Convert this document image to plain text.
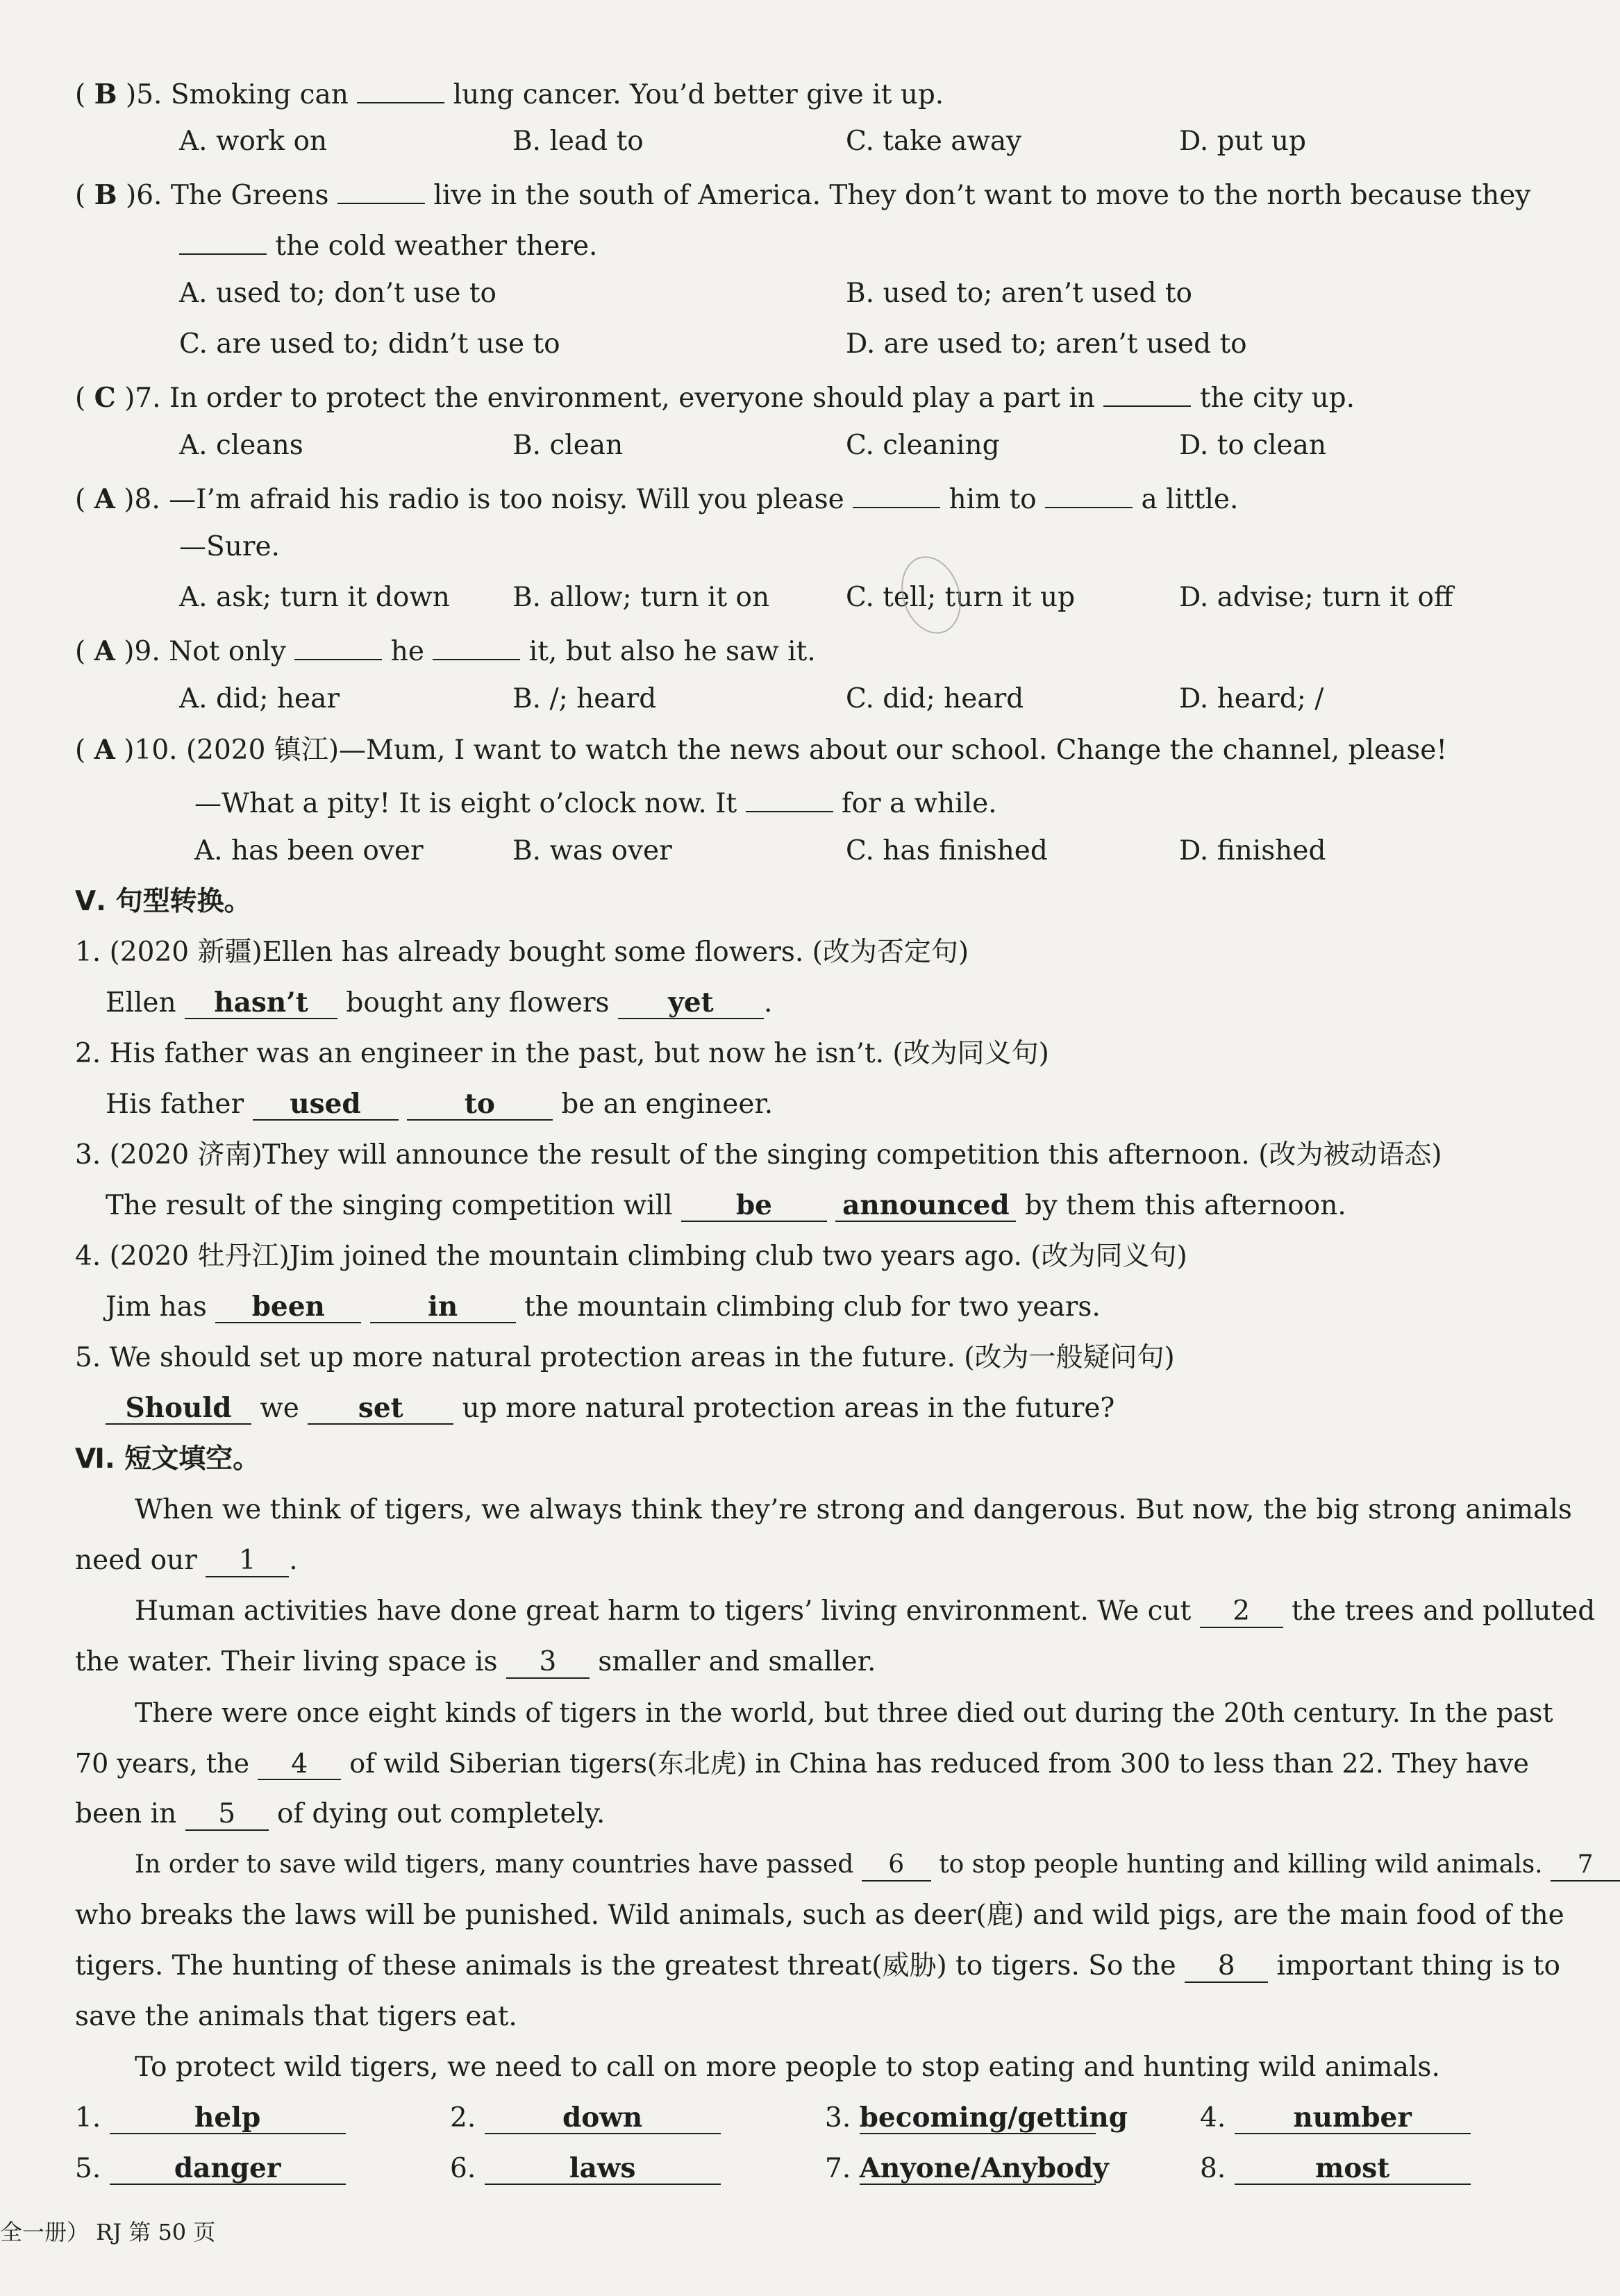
( B )5. Smoking can	lung cancer. You’d better give it up.
A. work on	B. lead to	C. take away	D. put up
( B )6. The Greens	live in the south of America. They don’t want to move to the north because they
the cold weather there.
A. used to; don’t use to	B. used to; aren’t used to
C. are used to; didn’t use to	D. are used to; aren’t used to
( C )7. In order to protect the environment, everyone should play a part in	the city up.
A. cleans	B. clean	C. cleaning	D. to clean
( A )8. —I’m afraid his radio is too noisy. Will you please	him to	a little.
—Sure.
A. ask; turn it down B. allow; turn it on	C. tell; turn it up	D. advise; turn it off
( A )9. Not only	he	it, but also he saw it.
A. did; hear	B. /; heard	C. did; heard	D. heard; /
( A )10. (2020 镇江)—Mum, I want to watch the news about our school. Change the channel, please!
—What a pity! It is eight o’clock now. It	for a while.
A. has been over	B. was over	C. has finished	D. finished
Ⅴ. 句型转换。
1. (2020 新疆)Ellen has already bought some flowers. (改为否定句)
Ellen hasn’t bought any flowers yet .
2. His father was an engineer in the past, but now he isn’t. (改为同义句)
His father used	to be an engineer.
3. (2020 济南)They will announce the result of the singing competition this afternoon. (改为被动语态)
The result of the singing competition will be	announced by them this afternoon.
4. (2020 牡丹江)Jim joined the mountain climbing club two years ago. (改为同义句)
Jim has been	in the mountain climbing club for two years.
5. We should set up more natural protection areas in the future. (改为一般疑问句)
Should we set up more natural protection areas in the future?
Ⅵ. 短文填空。
When we think of tigers, we always think they’re strong and dangerous. But now, the big strong animals
need our 1 .
Human activities have done great harm to tigers’ living environment. We cut 2 the trees and polluted
the water. Their living space is 3 smaller and smaller.
There were once eight kinds of tigers in the world, but three died out during the 20th century. In the past
70 years, the 4 of wild Siberian tigers(东北虎) in China has reduced from 300 to less than 22. They have
been in 5 of dying out completely.
In order to save wild tigers, many countries have passed 6 to stop people hunting and killing wild animals. 7
who breaks the laws will be punished. Wild animals, such as deer(鹿) and wild pigs, are the main food of the
tigers. The hunting of these animals is the greatest threat(威胁) to tigers. So the 8 important thing is to
save the animals that tigers eat.
To protect wild tigers, we need to call on more people to stop eating and hunting wild animals.
1.	help	2.	down	3. becoming/getting	4. number
5.	danger	6.	laws	7. Anyone/Anybody	8.	most
全一册） RJ 第 50 页
